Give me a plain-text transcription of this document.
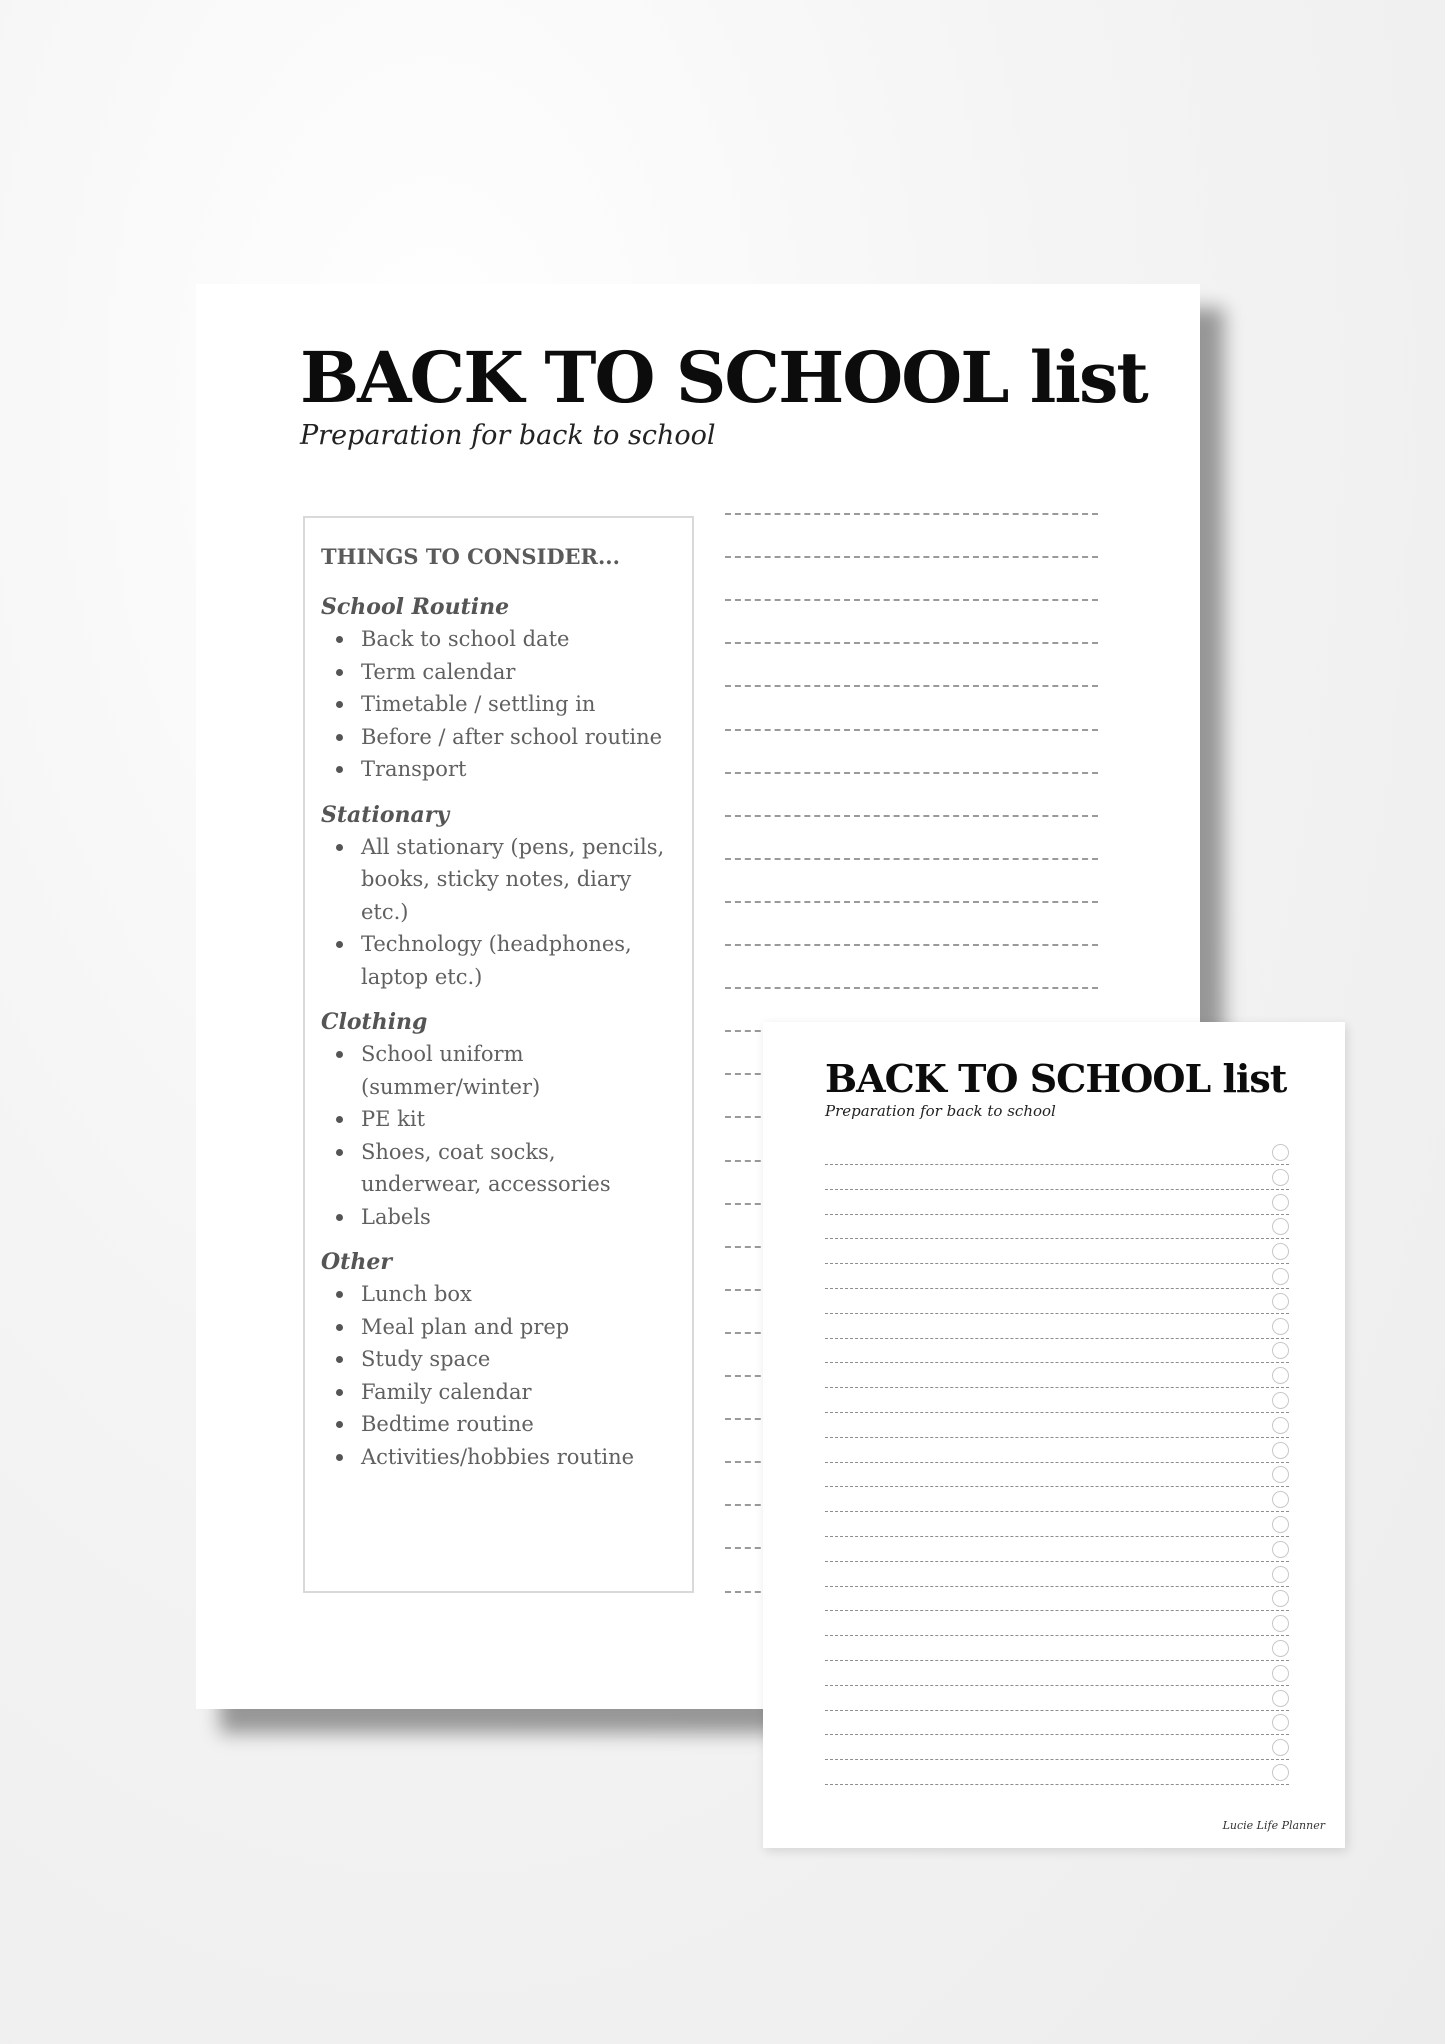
BACK TO SCHOOL list

Preparation for back to school

THINGS TO CONSIDER...

School Routine

Back to school date
Term calendar
Timetable / settling in
Before / after school routine
Transport

Stationary

All stationary (pens, pencils, books, sticky notes, diary etc.)
Technology (headphones, laptop etc.)

Clothing

School uniform (summer/winter)
PE kit
Shoes, coat socks, underwear, accessories
Labels

Other

Lunch box
Meal plan and prep
Study space
Family calendar
Bedtime routine
Activities/hobbies routine
BACK TO SCHOOL list

Preparation for back to school

Lucie Life Planner
